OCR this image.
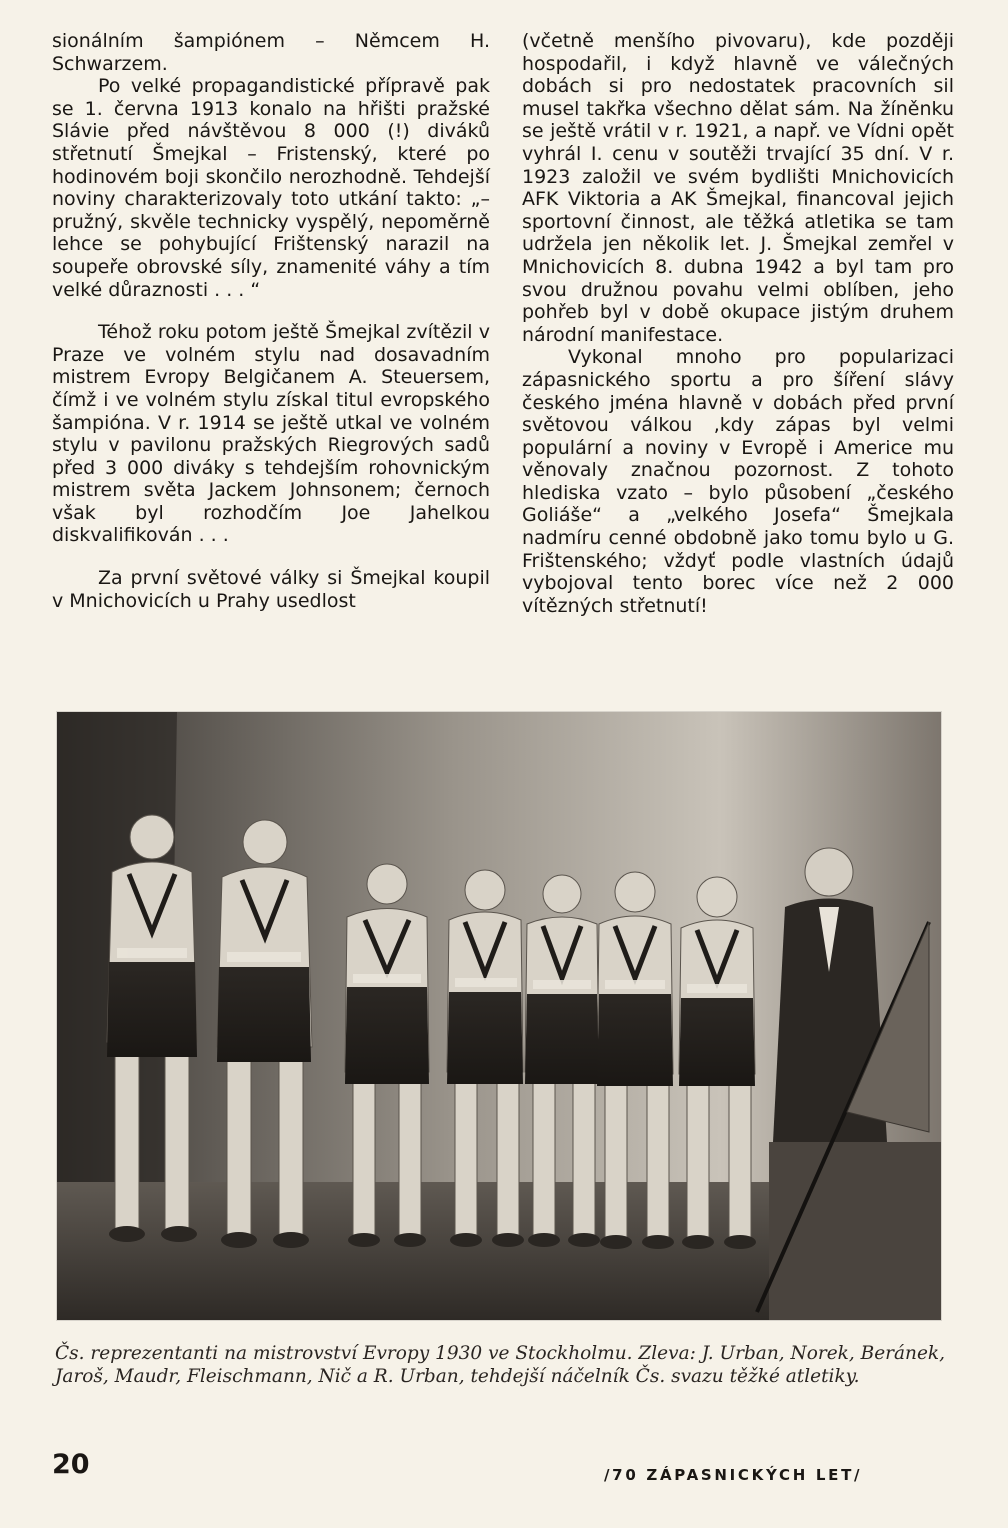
sionálním šampiónem – Němcem H. Schwarzem.

Po velké propagandistické přípravě pak se 1. června 1913 konalo na hřišti pražské Slávie před návštěvou 8 000 (!) diváků střetnutí Šmejkal – Fristenský, které po hodinovém boji skončilo nerozhodně. Tehdejší noviny charakterizovaly toto utkání takto: „– pružný, skvěle technicky vyspělý, nepoměrně lehce se pohybující Frištenský narazil na soupeře obrovské síly, znamenité váhy a tím velké důraznosti . . . “

Téhož roku potom ještě Šmejkal zvítězil v Praze ve volném stylu nad dosavadním mistrem Evropy Belgičanem A. Steuersem, čímž i ve volném stylu získal titul evropského šampióna. V r. 1914 se ještě utkal ve volném stylu v pavilonu pražských Riegrových sadů před 3 000 diváky s tehdejším rohovnickým mistrem světa Jackem Johnsonem; černoch však byl rozhodčím Joe Jahelkou diskvalifikován . . .

Za první světové války si Šmejkal koupil v Mnichovicích u Prahy usedlost

(včetně menšího pivovaru), kde později hospodařil, i když hlavně ve válečných dobách si pro nedostatek pracovních sil musel takřka všechno dělat sám. Na žíněnku se ještě vrátil v r. 1921, a např. ve Vídni opět vyhrál I. cenu v soutěži trvající 35 dní. V r. 1923 založil ve svém bydlišti Mnichovicích AFK Viktoria a AK Šmejkal, financoval jejich sportovní činnost, ale těžká atletika se tam udržela jen několik let. J. Šmejkal zemřel v Mnichovicích 8. dubna 1942 a byl tam pro svou družnou povahu velmi oblíben, jeho pohřeb byl v době okupace jistým druhem národní manifestace.

Vykonal mnoho pro popularizaci zápasnického sportu a pro šíření slávy českého jména hlavně v dobách před první světovou válkou ,kdy zápas byl velmi populární a noviny v Evropě i Americe mu věnovaly značnou pozornost. Z tohoto hlediska vzato – bylo působení „českého Goliáše“ a „velkého Josefa“ Šmejkala nadmíru cenné obdobně jako tomu bylo u G. Frištenského; vždyť podle vlastních údajů vybojoval tento borec více než 2 000 vítězných střetnutí!

Čs. reprezentanti na mistrovství Evropy 1930 ve Stockholmu. Zleva: J. Urban, Norek, Beránek, Jaroš, Maudr, Fleischmann, Nič a R. Urban, tehdejší náčelník Čs. svazu těžké atletiky.
20	/70 ZÁPASNICKÝCH LET/
